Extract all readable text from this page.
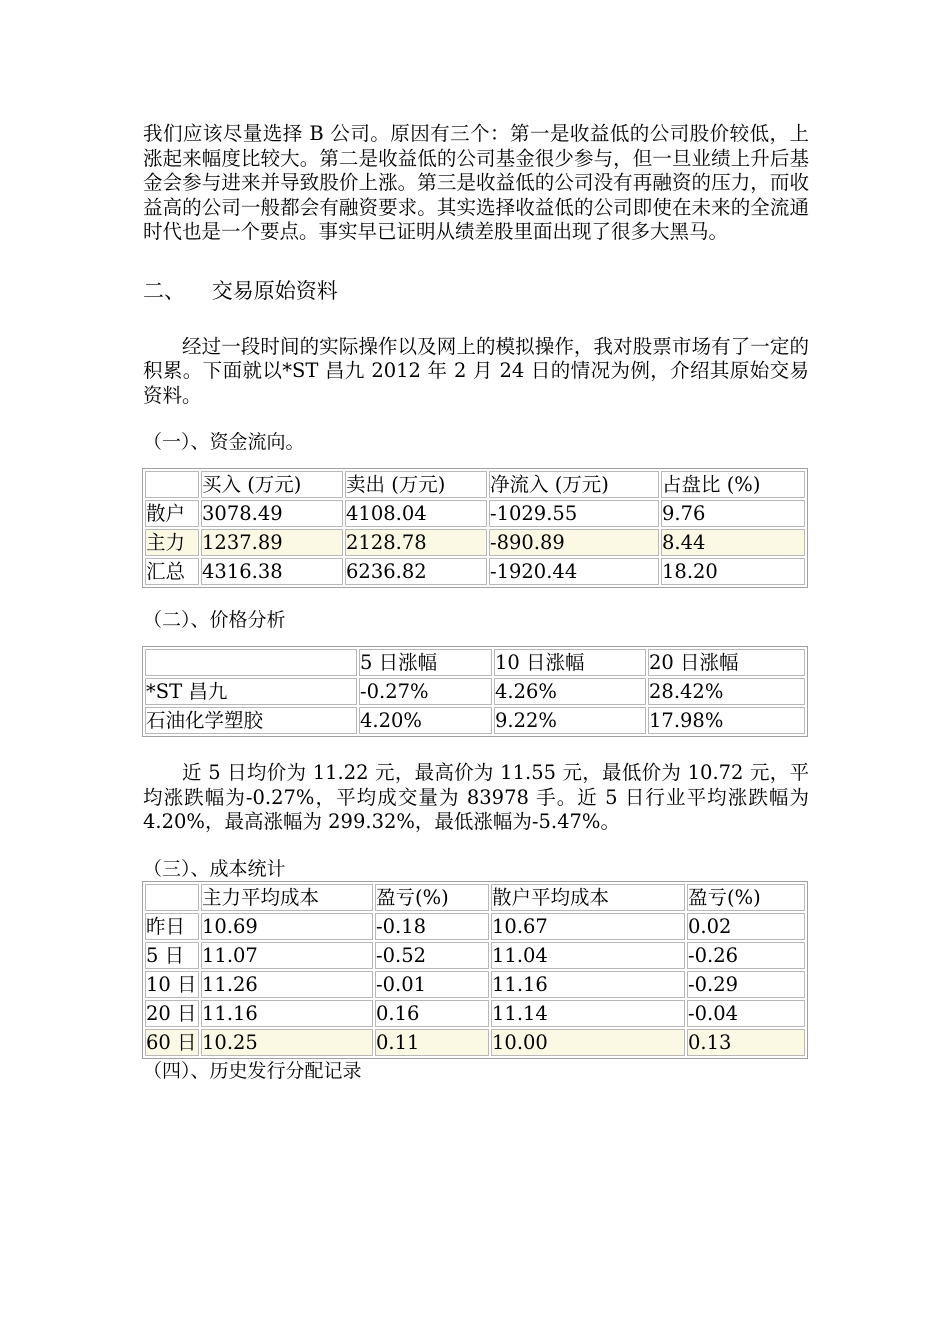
我们应该尽量选择 B 公司。原因有三个：第一是收益低的公司股价较低，上涨起来幅度比较大。第二是收益低的公司基金很少参与，但一旦业绩上升后基金会参与进来并导致股价上涨。第三是收益低的公司没有再融资的压力，而收益高的公司一般都会有融资要求。其实选择收益低的公司即使在未来的全流通时代也是一个要点。事实早已证明从绩差股里面出现了很多大黑马。

二、 交易原始资料

经过一段时间的实际操作以及网上的模拟操作，我对股票市场有了一定的积累。下面就以*ST 昌九 2012 年 2 月 24 日的情况为例，介绍其原始交易资料。

（一）、资金流向。

	买入 (万元)	卖出 (万元)	净流入 (万元)	占盘比 (%)
散户	3078.49	4108.04	-1029.55	9.76
主力	1237.89	2128.78	-890.89	8.44
汇总	4316.38	6236.82	-1920.44	18.20

（二）、价格分析

	5 日涨幅	10 日涨幅	20 日涨幅
*ST 昌九	-0.27%	4.26%	28.42%
石油化学塑胶	4.20%	9.22%	17.98%

近 5 日均价为 11.22 元，最高价为 11.55 元，最低价为 10.72 元，平均涨跌幅为-0.27%，平均成交量为 83978 手。近 5 日行业平均涨跌幅为 4.20%，最高涨幅为 299.32%，最低涨幅为-5.47%。

（三）、成本统计

	主力平均成本	盈亏(%)	散户平均成本	盈亏(%)
昨日	10.69	-0.18	10.67	0.02
5 日	11.07	-0.52	11.04	-0.26
10 日	11.26	-0.01	11.16	-0.29
20 日	11.16	0.16	11.14	-0.04
60 日	10.25	0.11	10.00	0.13

（四）、历史发行分配记录
